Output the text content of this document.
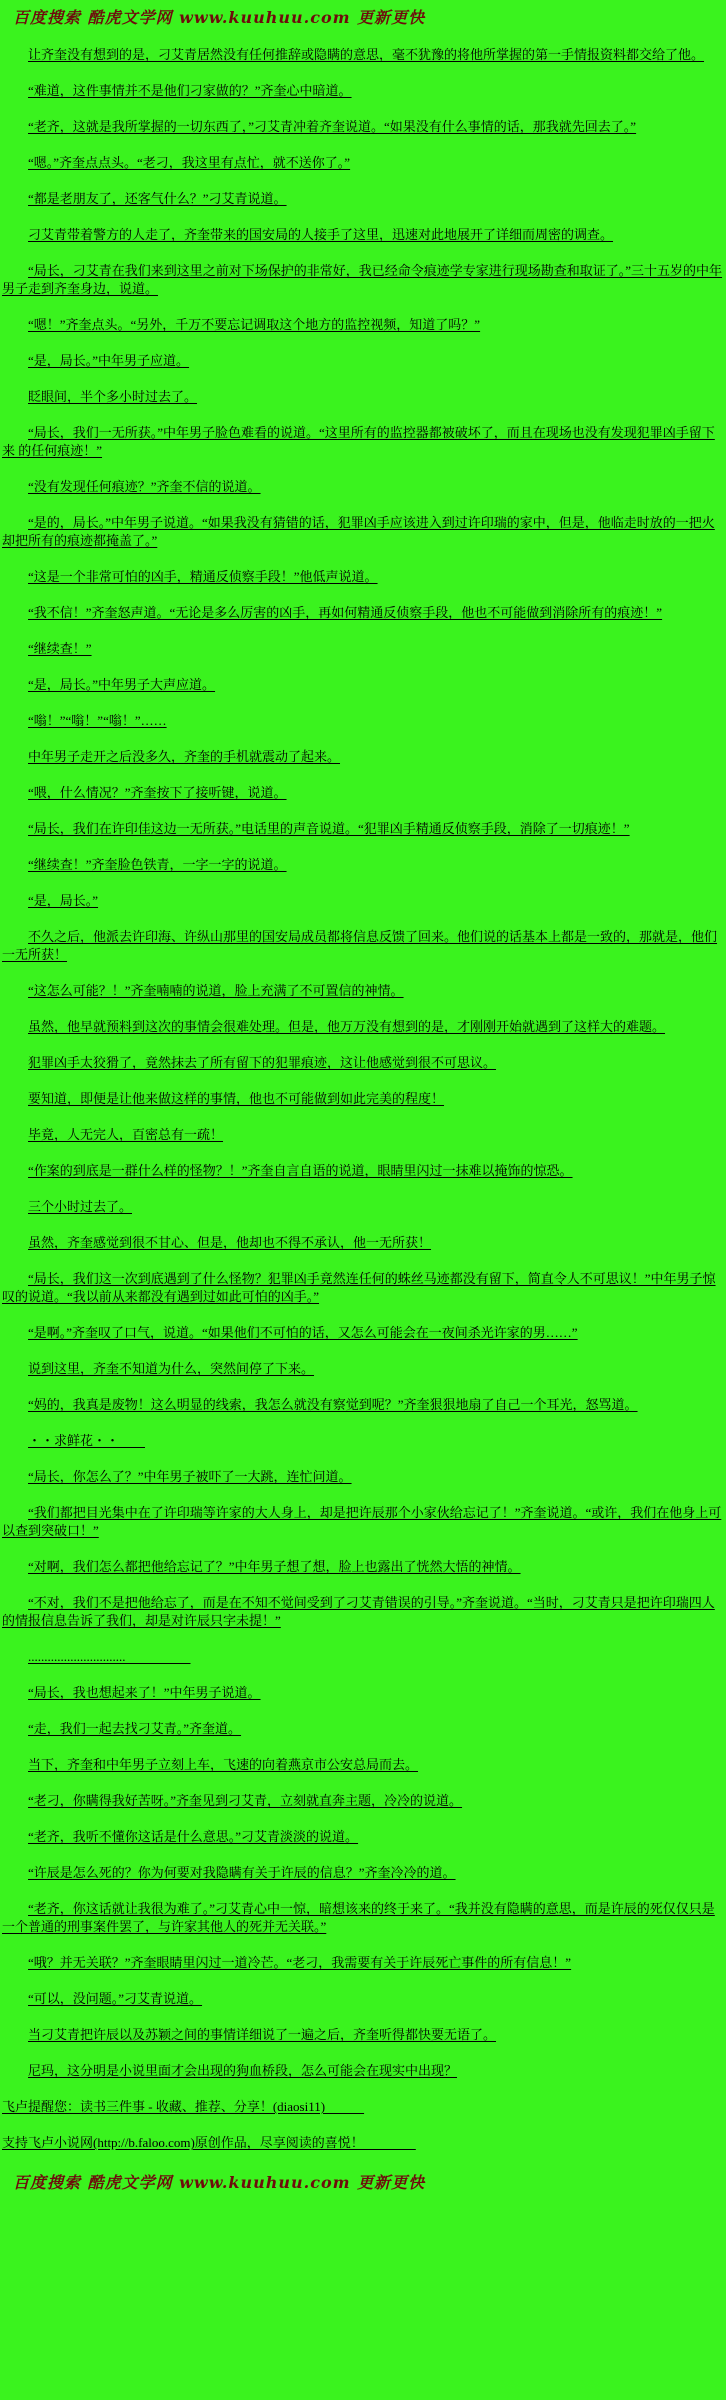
百度搜索 酷虎文学网 www.kuuhuu.com 更新更快

让齐奎没有想到的是，刁艾青居然没有任何推辞或隐瞒的意思，毫不犹豫的将他所掌握的第一手情报资料都交给了他。

“难道，这件事情并不是他们刁家做的？”齐奎心中暗道。

“老齐，这就是我所掌握的一切东西了，”刁艾青冲着齐奎说道。“如果没有什么事情的话，那我就先回去了。”

“嗯。”齐奎点点头。“老刁，我这里有点忙，就不送你了。”

“都是老朋友了，还客气什么？”刁艾青说道。

刁艾青带着警方的人走了，齐奎带来的国安局的人接手了这里，迅速对此地展开了详细而周密的调查。

“局长，刁艾青在我们来到这里之前对下场保护的非常好，我已经命令痕迹学专家进行现场勘查和取证了。”三十五岁的中年男子走到齐奎身边，说道。

“嗯！”齐奎点头。“另外，千万不要忘记调取这个地方的监控视频，知道了吗？”

“是，局长。”中年男子应道。

眨眼间，半个多小时过去了。

“局长，我们一无所获。”中年男子脸色难看的说道。“这里所有的监控器都被破坏了，而且在现场也没有发现犯罪凶手留下来 的任何痕迹！”

“没有发现任何痕迹？”齐奎不信的说道。

“是的，局长。”中年男子说道。“如果我没有猜错的话，犯罪凶手应该进入到过许印瑞的家中，但是，他临走时放的一把火却把所有的痕迹都掩盖了。”

“这是一个非常可怕的凶手，精通反侦察手段！”他低声说道。

“我不信！”齐奎怒声道。“无论是多么厉害的凶手，再如何精通反侦察手段，他也不可能做到消除所有的痕迹！”

“继续查！”

“是，局长。”中年男子大声应道。

“嗡！”“嗡！”“嗡！”……

中年男子走开之后没多久，齐奎的手机就震动了起来。

“喂，什么情况？”齐奎按下了接听键，说道。

“局长，我们在许印佳这边一无所获。”电话里的声音说道。“犯罪凶手精通反侦察手段，消除了一切痕迹！”

“继续查！”齐奎脸色铁青，一字一字的说道。

“是，局长。”

不久之后，他派去许印海、许纵山那里的国安局成员都将信息反馈了回来。他们说的话基本上都是一致的，那就是，他们一无所获！

“这怎么可能？！”齐奎喃喃的说道，脸上充满了不可置信的神情。

虽然，他早就预料到这次的事情会很难处理。但是，他万万没有想到的是，才刚刚开始就遇到了这样大的难题。

犯罪凶手太狡猾了，竟然抹去了所有留下的犯罪痕迹，这让他感觉到很不可思议。

要知道，即便是让他来做这样的事情，他也不可能做到如此完美的程度！

毕竟，人无完人，百密总有一疏！

“作案的到底是一群什么样的怪物？！”齐奎自言自语的说道，眼睛里闪过一抹难以掩饰的惊恐。

三个小时过去了。

虽然，齐奎感觉到很不甘心、但是，他却也不得不承认，他一无所获！

“局长，我们这一次到底遇到了什么怪物？犯罪凶手竟然连任何的蛛丝马迹都没有留下，简直令人不可思议！”中年男子惊叹的说道。“我以前从来都没有遇到过如此可怕的凶手。”

“是啊。”齐奎叹了口气，说道。“如果他们不可怕的话，又怎么可能会在一夜间杀光许家的男……”

说到这里，齐奎不知道为什么，突然间停了下来。

“妈的，我真是废物！这么明显的线索，我怎么就没有察觉到呢？”齐奎狠狠地扇了自己一个耳光，怒骂道。

・・求鲜花・・

“局长，你怎么了？”中年男子被吓了一大跳，连忙问道。

“我们都把目光集中在了许印瑞等许家的大人身上，却是把许辰那个小家伙给忘记了！”齐奎说道。“或许，我们在他身上可以查到突破口！”

“对啊，我们怎么都把他给忘记了？”中年男子想了想，脸上也露出了恍然大悟的神情。

“不对，我们不是把他给忘了，而是在不知不觉间受到了刁艾青错误的引导。”齐奎说道。“当时，刁艾青只是把许印瑞四人的情报信息告诉了我们，却是对许辰只字未提！”

..............................

“局长，我也想起来了！”中年男子说道。

“走，我们一起去找刁艾青。”齐奎道。

当下，齐奎和中年男子立刻上车，飞速的向着燕京市公安总局而去。

“老刁，你瞒得我好苦呀。”齐奎见到刁艾青，立刻就直奔主题，冷冷的说道。

“老齐，我听不懂你这话是什么意思。”刁艾青淡淡的说道。

“许辰是怎么死的？你为何要对我隐瞒有关于许辰的信息？”齐奎冷冷的道。

“老齐，你这话就让我很为难了。”刁艾青心中一惊，暗想该来的终于来了。“我并没有隐瞒的意思，而是许辰的死仅仅只是一个普通的刑事案件罢了，与许家其他人的死并无关联。”

“哦？并无关联？”齐奎眼睛里闪过一道冷芒。“老刁，我需要有关于许辰死亡事件的所有信息！”

“可以，没问题。”刁艾青说道。

当刁艾青把许辰以及苏颖之间的事情详细说了一遍之后，齐奎听得都快要无语了。

尼玛，这分明是小说里面才会出现的狗血桥段，怎么可能会在现实中出现？

飞卢提醒您：读书三件事 - 收藏、推荐、分享！(diaosi11)

支持飞卢小说网(http://b.faloo.com)原创作品，尽享阅读的喜悦！

百度搜索 酷虎文学网 www.kuuhuu.com 更新更快
